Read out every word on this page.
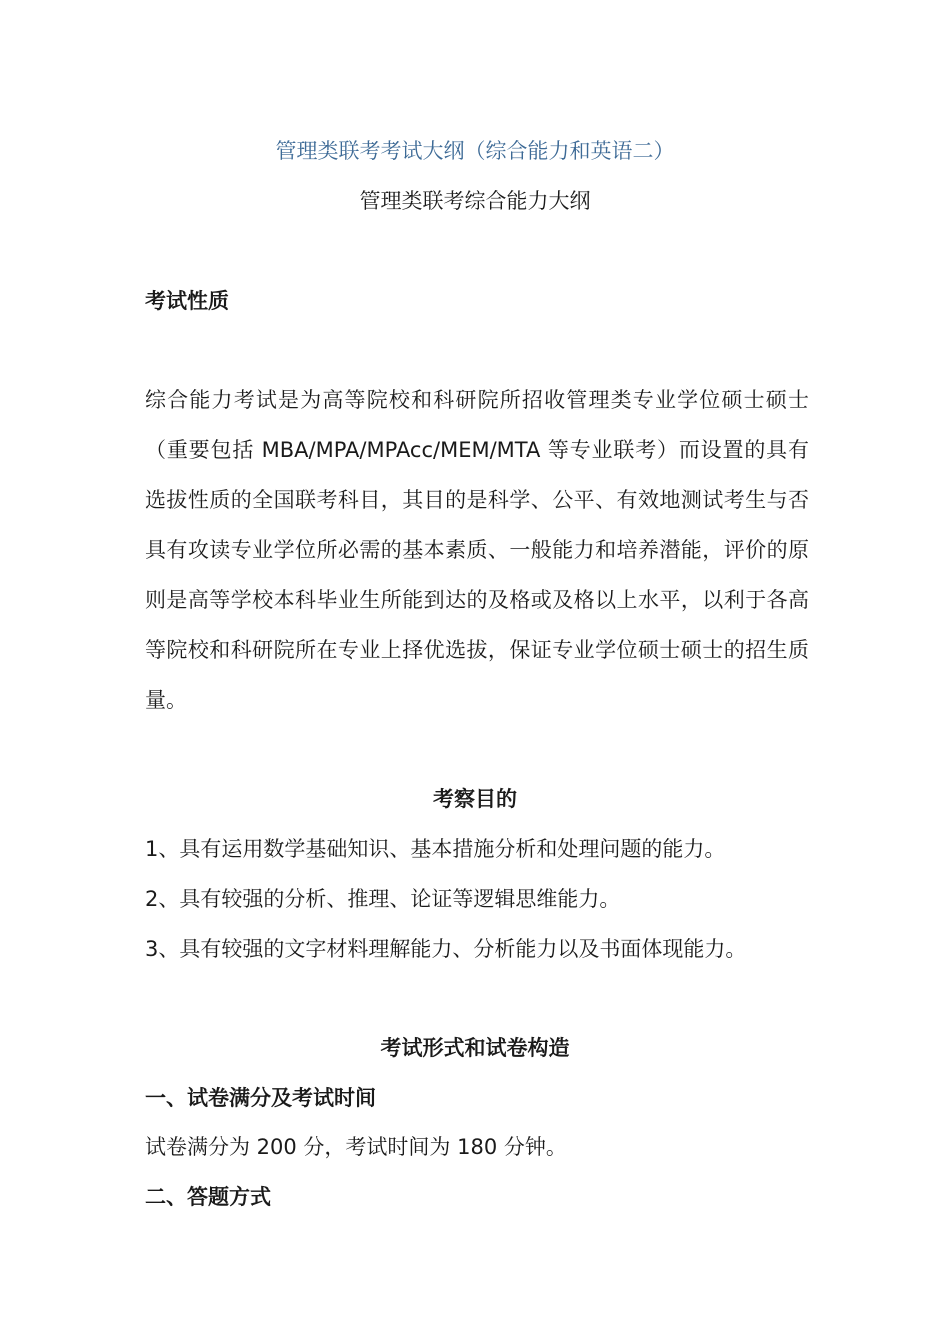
管理类联考考试大纲（综合能力和英语二）
管理类联考综合能力大纲
考试性质

综合能力考试是为高等院校和科研院所招收管理类专业学位硕士硕士（重要包括 MBA/MPA/MPAcc/MEM/MTA 等专业联考）而设置的具有选拔性质的全国联考科目，其目的是科学、公平、有效地测试考生与否具有攻读专业学位所必需的基本素质、一般能力和培养潜能，评价的原则是高等学校本科毕业生所能到达的及格或及格以上水平，以利于各高等院校和科研院所在专业上择优选拔，保证专业学位硕士硕士的招生质量。

考察目的
1、具有运用数学基础知识、基本措施分析和处理问题的能力。
2、具有较强的分析、推理、论证等逻辑思维能力。
3、具有较强的文字材料理解能力、分析能力以及书面体现能力。
考试形式和试卷构造
一、试卷满分及考试时间
试卷满分为 200 分，考试时间为 180 分钟。
二、答题方式
